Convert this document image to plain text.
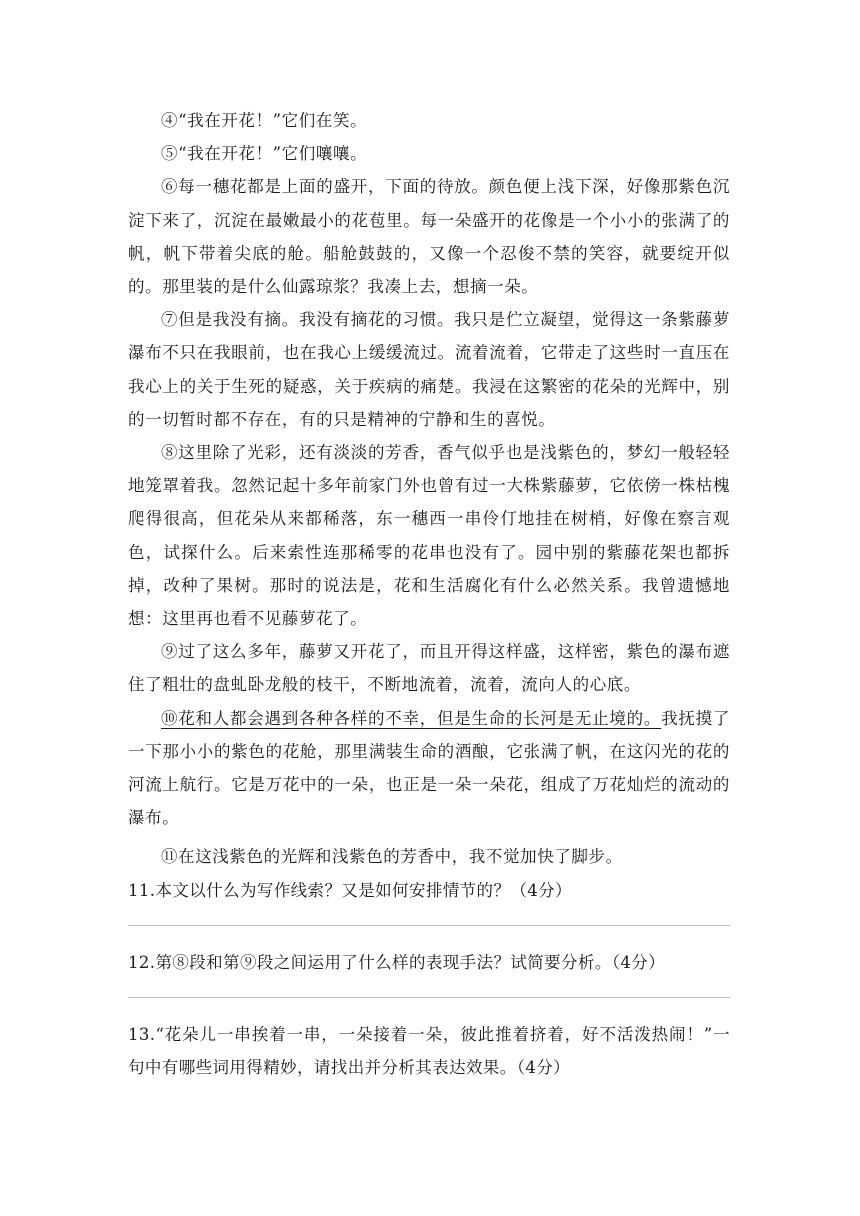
④“我在开花！”它们在笑。

⑤“我在开花！”它们嚷嚷。

⑥每一穗花都是上面的盛开，下面的待放。颜色便上浅下深，好像那紫色沉淀下来了，沉淀在最嫩最小的花苞里。每一朵盛开的花像是一个小小的张满了的帆，帆下带着尖底的舱。船舱鼓鼓的，又像一个忍俊不禁的笑容，就要绽开似的。那里装的是什么仙露琼浆？我凑上去，想摘一朵。

⑦但是我没有摘。我没有摘花的习惯。我只是伫立凝望，觉得这一条紫藤萝瀑布不只在我眼前，也在我心上缓缓流过。流着流着，它带走了这些时一直压在我心上的关于生死的疑惑，关于疾病的痛楚。我浸在这繁密的花朵的光辉中，别的一切暂时都不存在，有的只是精神的宁静和生的喜悦。

⑧这里除了光彩，还有淡淡的芳香，香气似乎也是浅紫色的，梦幻一般轻轻地笼罩着我。忽然记起十多年前家门外也曾有过一大株紫藤萝，它依傍一株枯槐爬得很高，但花朵从来都稀落，东一穗西一串伶仃地挂在树梢，好像在察言观色，试探什么。后来索性连那稀零的花串也没有了。园中别的紫藤花架也都拆掉，改种了果树。那时的说法是，花和生活腐化有什么必然关系。我曾遗憾地想：这里再也看不见藤萝花了。

⑨过了这么多年，藤萝又开花了，而且开得这样盛，这样密，紫色的瀑布遮住了粗壮的盘虬卧龙般的枝干，不断地流着，流着，流向人的心底。

⑩花和人都会遇到各种各样的不幸，但是生命的长河是无止境的。我抚摸了一下那小小的紫色的花舱，那里满装生命的酒酿，它张满了帆，在这闪光的花的河流上航行。它是万花中的一朵，也正是一朵一朵花，组成了万花灿烂的流动的瀑布。

⑪在这浅紫色的光辉和浅紫色的芳香中，我不觉加快了脚步。

11.本文以什么为写作线索？又是如何安排情节的？（4分）

12.第⑧段和第⑨段之间运用了什么样的表现手法？试简要分析。（4分）

13.“花朵儿一串挨着一串，一朵接着一朵，彼此推着挤着，好不活泼热闹！”一句中有哪些词用得精妙，请找出并分析其表达效果。（4分）
